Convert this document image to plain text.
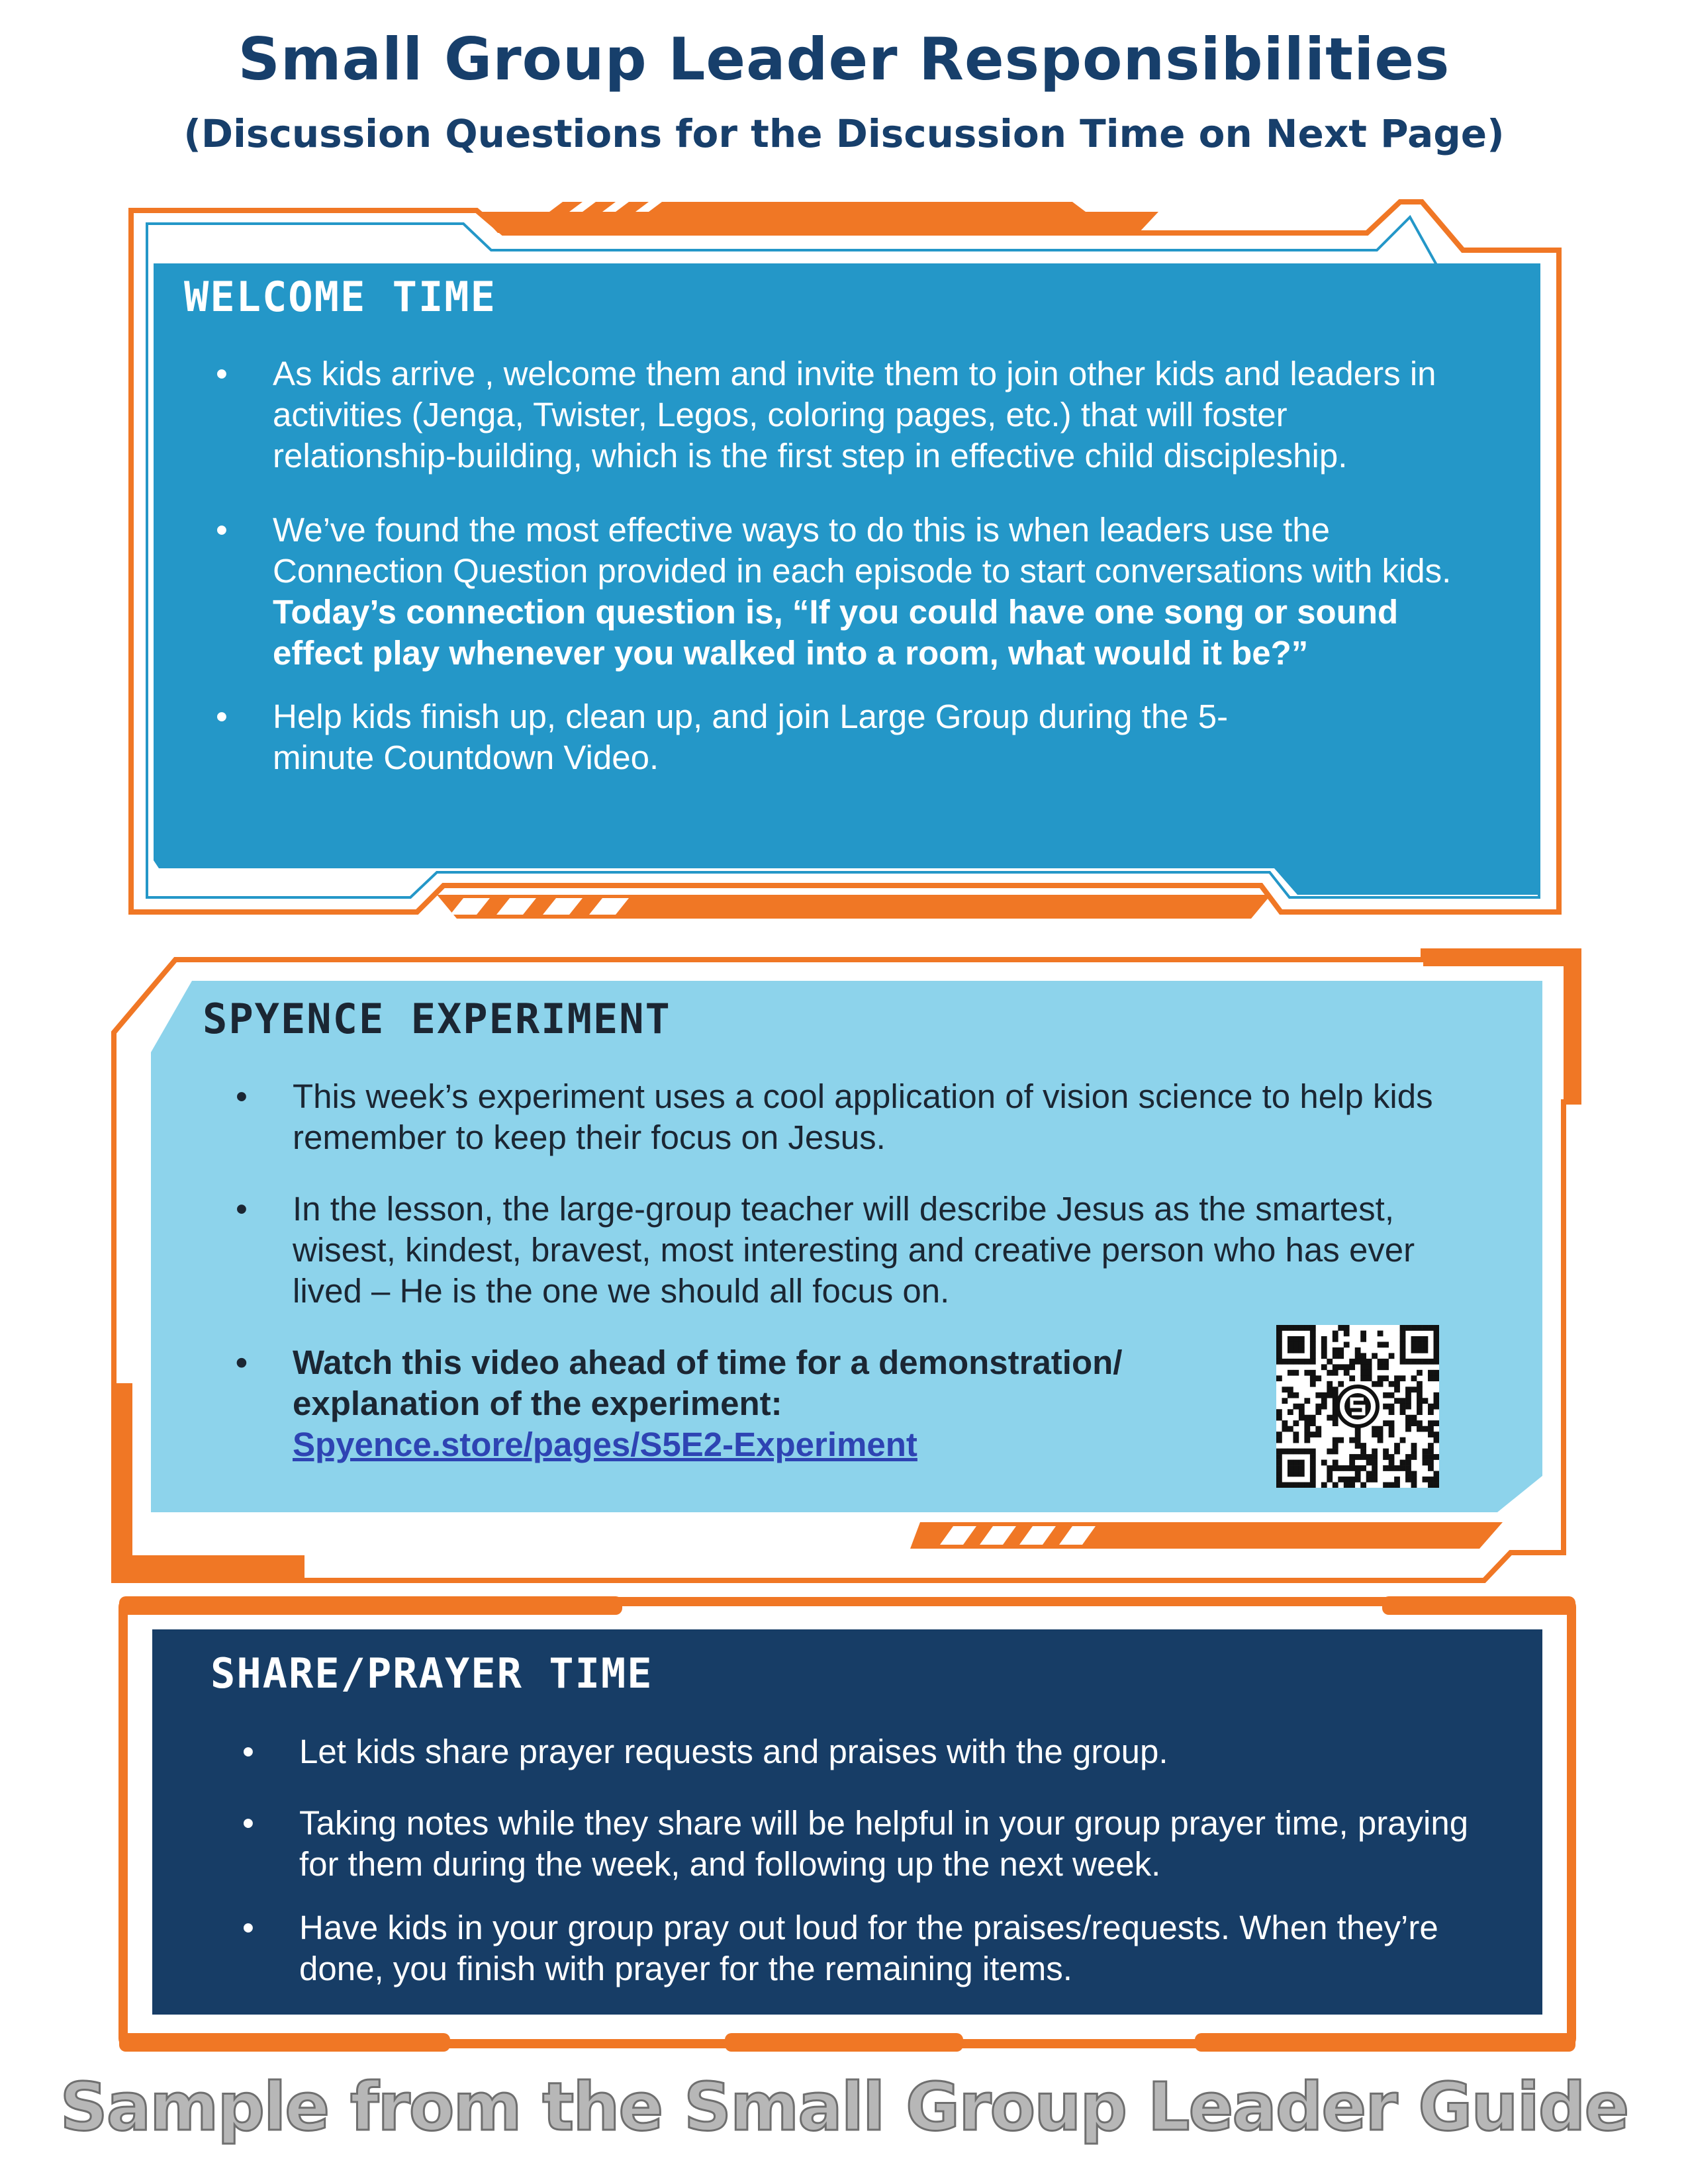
Small Group Leader Responsibilities
(Discussion Questions for the Discussion Time on Next Page)
WELCOME TIME
•	As kids arrive , welcome them and invite them to join other kids and leaders in activities (Jenga, Twister, Legos, coloring pages, etc.) that will foster relationship-building, which is the first step in effective child discipleship.
•	We’ve found the most effective ways to do this is when leaders use the Connection Question provided in each episode to start conversations with kids. Today’s connection question is, “If you could have one song or sound effect play whenever you walked into a room, what would it be?”
•	Help kids finish up, clean up, and join Large Group during the 5-minute Countdown Video.
SPYENCE EXPERIMENT
•	This week’s experiment uses a cool application of vision science to help kids remember to keep their focus on Jesus.
•	In the lesson, the large-group teacher will describe Jesus as the smartest, wisest, kindest, bravest, most interesting and creative person who has ever lived – He is the one we should all focus on.
•	Watch this video ahead of time for a demonstration/ explanation of the experiment:
Spyence.store/pages/S5E2-Experiment
SHARE/PRAYER TIME
•	Let kids share prayer requests and praises with the group.
•	Taking notes while they share will be helpful in your group prayer time, praying for them during the week, and following up the next week.
•	Have kids in your group pray out loud for the praises/requests. When they’re done, you finish with prayer for the remaining items.
Sample from the Small Group Leader Guide
